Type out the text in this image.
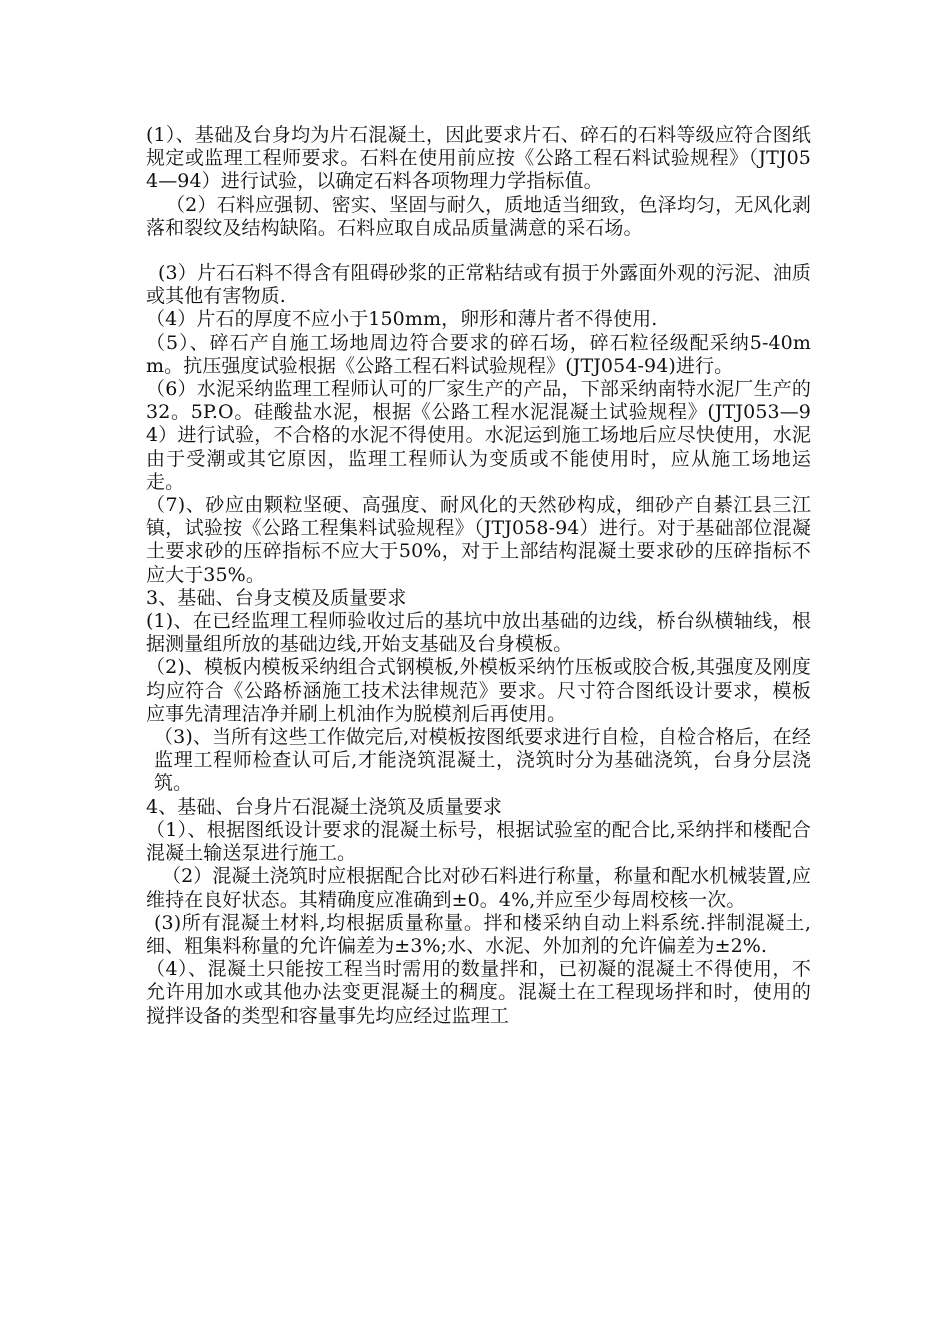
(1）、基础及台身均为片石混凝土，因此要求片石、碎石的石料等级应符合图纸规定或监理工程师要求。石料在使用前应按《公路工程石料试验规程》（JTJ054—94）进行试验，以确定石料各项物理力学指标值。

（2）石料应强韧、密实、坚固与耐久，质地适当细致，色泽均匀，无风化剥落和裂纹及结构缺陷。石料应取自成品质量满意的采石场。

(3）片石石料不得含有阻碍砂浆的正常粘结或有损于外露面外观的污泥、油质或其他有害物质.

（4）片石的厚度不应小于150mm，卵形和薄片者不得使用.

（5）、碎石产自施工场地周边符合要求的碎石场，碎石粒径级配采纳5-40mm。抗压强度试验根据《公路工程石料试验规程》(JTJ054-94)进行。

（6）水泥采纳监理工程师认可的厂家生产的产品，下部采纳南特水泥厂生产的32。5P.O。硅酸盐水泥，根据《公路工程水泥混凝土试验规程》(JTJ053—94）进行试验，不合格的水泥不得使用。水泥运到施工场地后应尽快使用，水泥由于受潮或其它原因，监理工程师认为变质或不能使用时，应从施工场地运走。

（7)、砂应由颗粒坚硬、高强度、耐风化的天然砂构成，细砂产自綦江县三江镇，试验按《公路工程集料试验规程》（JTJ058-94）进行。对于基础部位混凝土要求砂的压碎指标不应大于50%，对于上部结构混凝土要求砂的压碎指标不应大于35%。

3、基础、台身支模及质量要求

(1)、在已经监理工程师验收过后的基坑中放出基础的边线，桥台纵横轴线，根据测量组所放的基础边线,开始支基础及台身模板。

（2)、模板内模板采纳组合式钢模板,外模板采纳竹压板或胶合板,其强度及刚度均应符合《公路桥涵施工技术法律规范》要求。尺寸符合图纸设计要求，模板应事先清理洁净并刷上机油作为脱模剂后再使用。

（3)、当所有这些工作做完后,对模板按图纸要求进行自检，自检合格后，在经监理工程师检查认可后,才能浇筑混凝土，浇筑时分为基础浇筑，台身分层浇筑。

4、基础、台身片石混凝土浇筑及质量要求

（1）、根据图纸设计要求的混凝土标号，根据试验室的配合比,采纳拌和楼配合混凝土输送泵进行施工。

（2）混凝土浇筑时应根据配合比对砂石料进行称量，称量和配水机械装置,应维持在良好状态。其精确度应准确到±0。4%,并应至少每周校核一次。

(3)所有混凝土材料,均根据质量称量。拌和楼采纳自动上料系统.拌制混凝土,细、粗集料称量的允许偏差为±3%;水、水泥、外加剂的允许偏差为±2%.

（4）、混凝土只能按工程当时需用的数量拌和，已初凝的混凝土不得使用，不允许用加水或其他办法变更混凝土的稠度。混凝土在工程现场拌和时，使用的搅拌设备的类型和容量事先均应经过监理工
